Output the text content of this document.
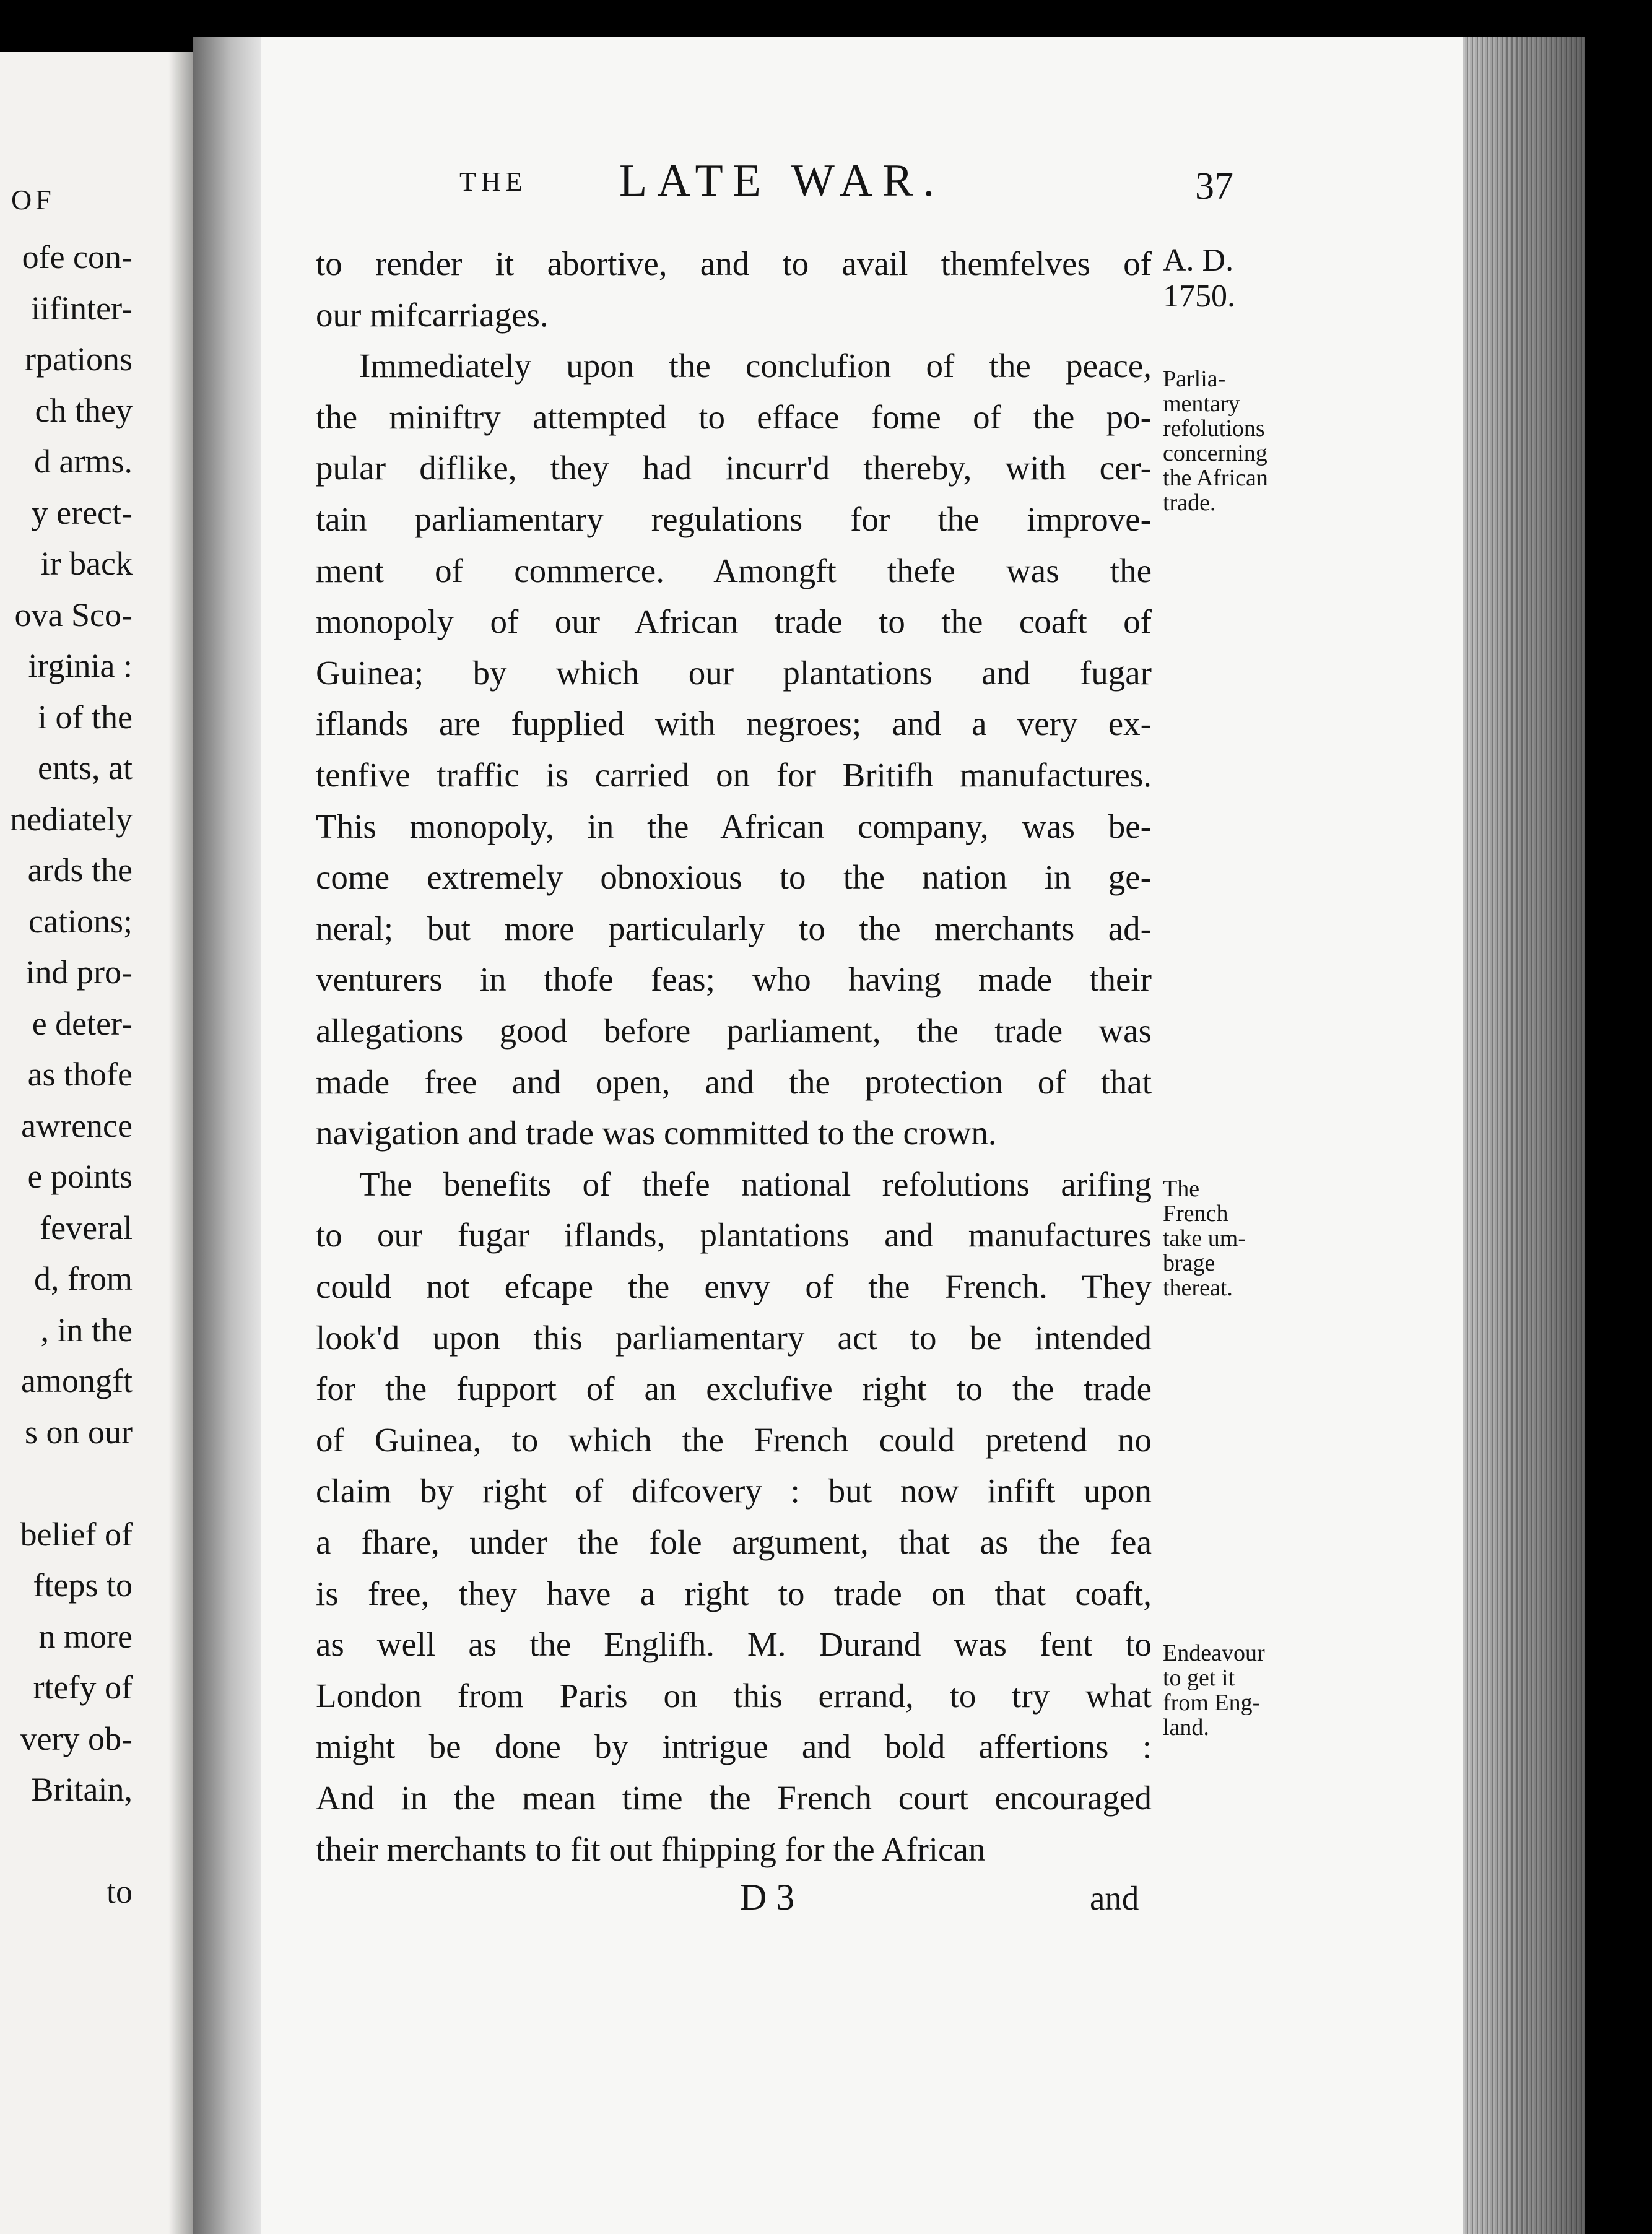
OF
ofe con-
iifinter-
rpations
ch they
d arms.
y erect-
ir back
ova Sco-
irginia :
i of the
ents, at
nediately
ards the
cations;
ind pro-
e deter-
as thofe
awrence
e points
feveral
d, from
, in the
amongft
s on our
belief of
fteps to
n more
rtefy of
very ob-
Britain,
to
THE LATE WAR.	37
to render it abortive, and to avail themfelves of
our mifcarriages.
Immediately upon the conclufion of the peace,
the miniftry attempted to efface fome of the po-
pular diflike, they had incurr'd thereby, with cer-
tain parliamentary regulations for the improve-
ment of commerce. Amongft thefe was the
monopoly of our African trade to the coaft of
Guinea; by which our plantations and fugar
iflands are fupplied with negroes; and a very ex-
tenfive traffic is carried on for Britifh manufactures.
This monopoly, in the African company, was be-
come extremely obnoxious to the nation in ge-
neral; but more particularly to the merchants ad-
venturers in thofe feas; who having made their
allegations good before parliament, the trade was
made free and open, and the protection of that
navigation and trade was committed to the crown.
The benefits of thefe national refolutions arifing
to our fugar iflands, plantations and manufactures
could not efcape the envy of the French. They
look'd upon this parliamentary act to be intended
for the fupport of an exclufive right to the trade
of Guinea, to which the French could pretend no
claim by right of difcovery : but now infift upon
a fhare, under the fole argument, that as the fea
is free, they have a right to trade on that coaft,
as well as the Englifh. M. Durand was fent to
London from Paris on this errand, to try what
might be done by intrigue and bold affertions :
And in the mean time the French court encouraged
their merchants to fit out fhipping for the African
A. D.
1750.
Parlia-
mentary
refolutions
concerning
the African
trade.
The
French
take um-
brage
thereat.
Endeavour
to get it
from Eng-
land.
D 3	and
